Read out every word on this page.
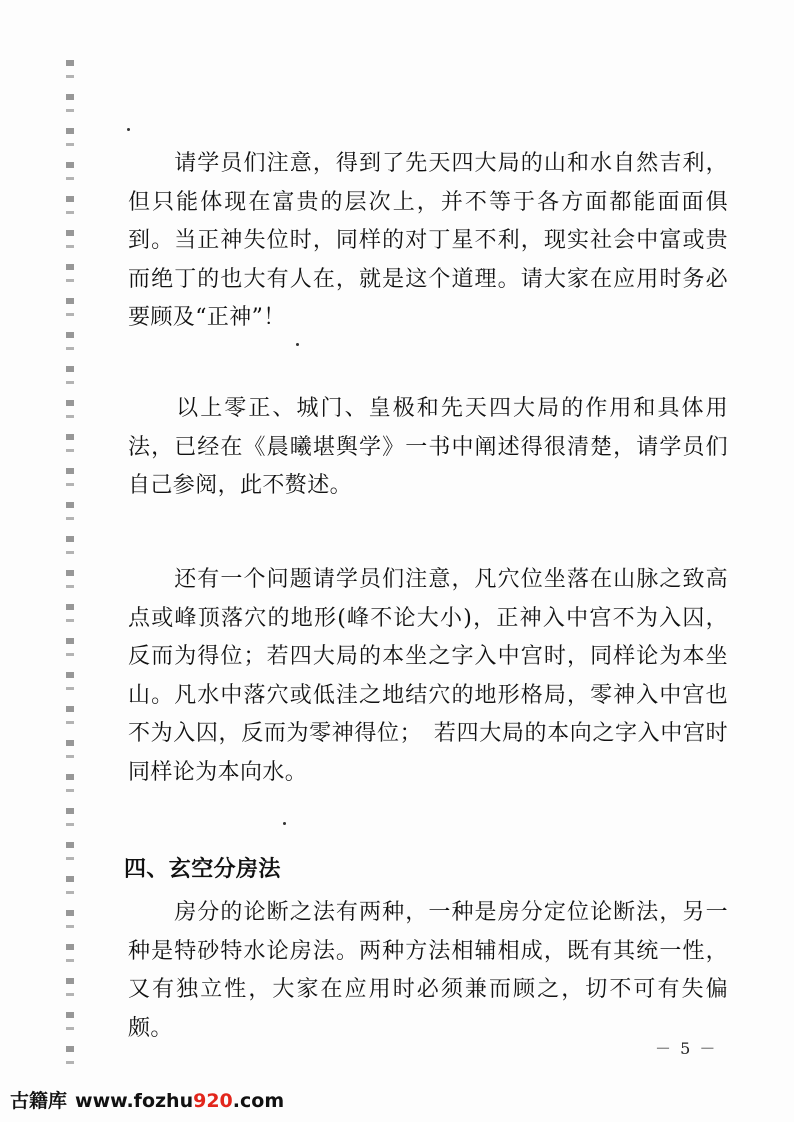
　　请学员们注意，得到了先天四大局的山和水自然吉利，但只能体现在富贵的层次上，并不等于各方面都能面面俱到。当正神失位时，同样的对丁星不利，现实社会中富或贵而绝丁的也大有人在，就是这个道理。请大家在应用时务必要顾及“正神”！

　　以上零正、城门、皇极和先天四大局的作用和具体用法，已经在《晨曦堪舆学》一书中阐述得很清楚，请学员们自己参阅，此不赘述。

　　还有一个问题请学员们注意，凡穴位坐落在山脉之致高点或峰顶落穴的地形(峰不论大小)，正神入中宫不为入囚，反而为得位；若四大局的本坐之字入中宫时，同样论为本坐山。凡水中落穴或低洼之地结穴的地形格局，零神入中宫也不为入囚，反而为零神得位；　若四大局的本向之字入中宫时同样论为本向水。

四、玄空分房法

　　房分的论断之法有两种，一种是房分定位论断法，另一种是特砂特水论房法。两种方法相辅相成，既有其统一性，又有独立性，大家在应用时必须兼而顾之，切不可有失偏颇。

－ 5 －
古籍库 www.fozhu920.com
